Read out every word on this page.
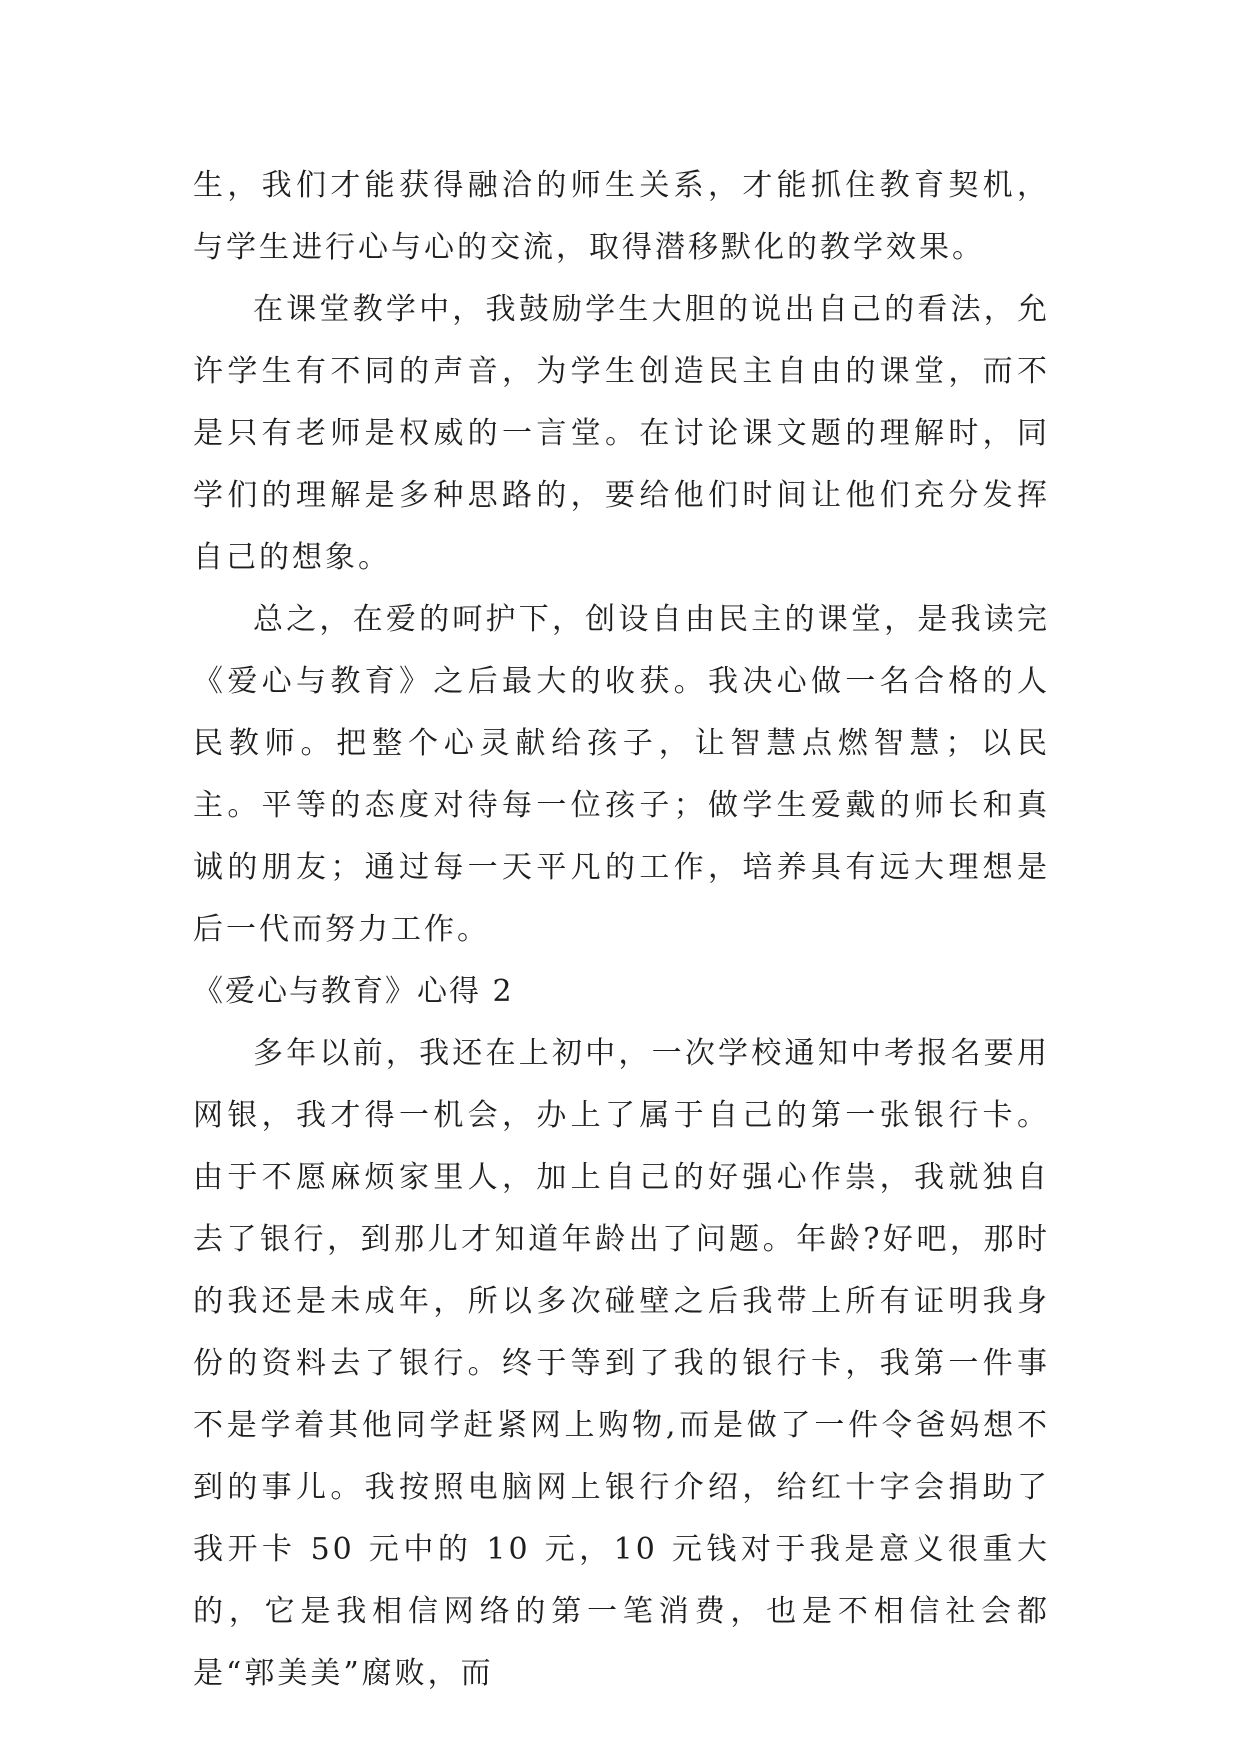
生，我们才能获得融洽的师生关系，才能抓住教育契机，与学生进行心与心的交流，取得潜移默化的教学效果。

在课堂教学中，我鼓励学生大胆的说出自己的看法，允许学生有不同的声音，为学生创造民主自由的课堂，而不是只有老师是权威的一言堂。在讨论课文题的理解时，同学们的理解是多种思路的，要给他们时间让他们充分发挥自己的想象。

总之，在爱的呵护下，创设自由民主的课堂，是我读完《爱心与教育》之后最大的收获。我决心做一名合格的人民教师。把整个心灵献给孩子，让智慧点燃智慧；以民主。平等的态度对待每一位孩子；做学生爱戴的师长和真诚的朋友；通过每一天平凡的工作，培养具有远大理想是后一代而努力工作。

《爱心与教育》心得 2

多年以前，我还在上初中，一次学校通知中考报名要用网银，我才得一机会，办上了属于自己的第一张银行卡。由于不愿麻烦家里人，加上自己的好强心作祟，我就独自去了银行，到那儿才知道年龄出了问题。年龄?好吧，那时的我还是未成年，所以多次碰壁之后我带上所有证明我身份的资料去了银行。终于等到了我的银行卡，我第一件事不是学着其他同学赶紧网上购物,而是做了一件令爸妈想不到的事儿。我按照电脑网上银行介绍，给红十字会捐助了我开卡 50 元中的 10 元，10 元钱对于我是意义很重大的，它是我相信网络的第一笔消费，也是不相信社会都是“郭美美”腐败，而
